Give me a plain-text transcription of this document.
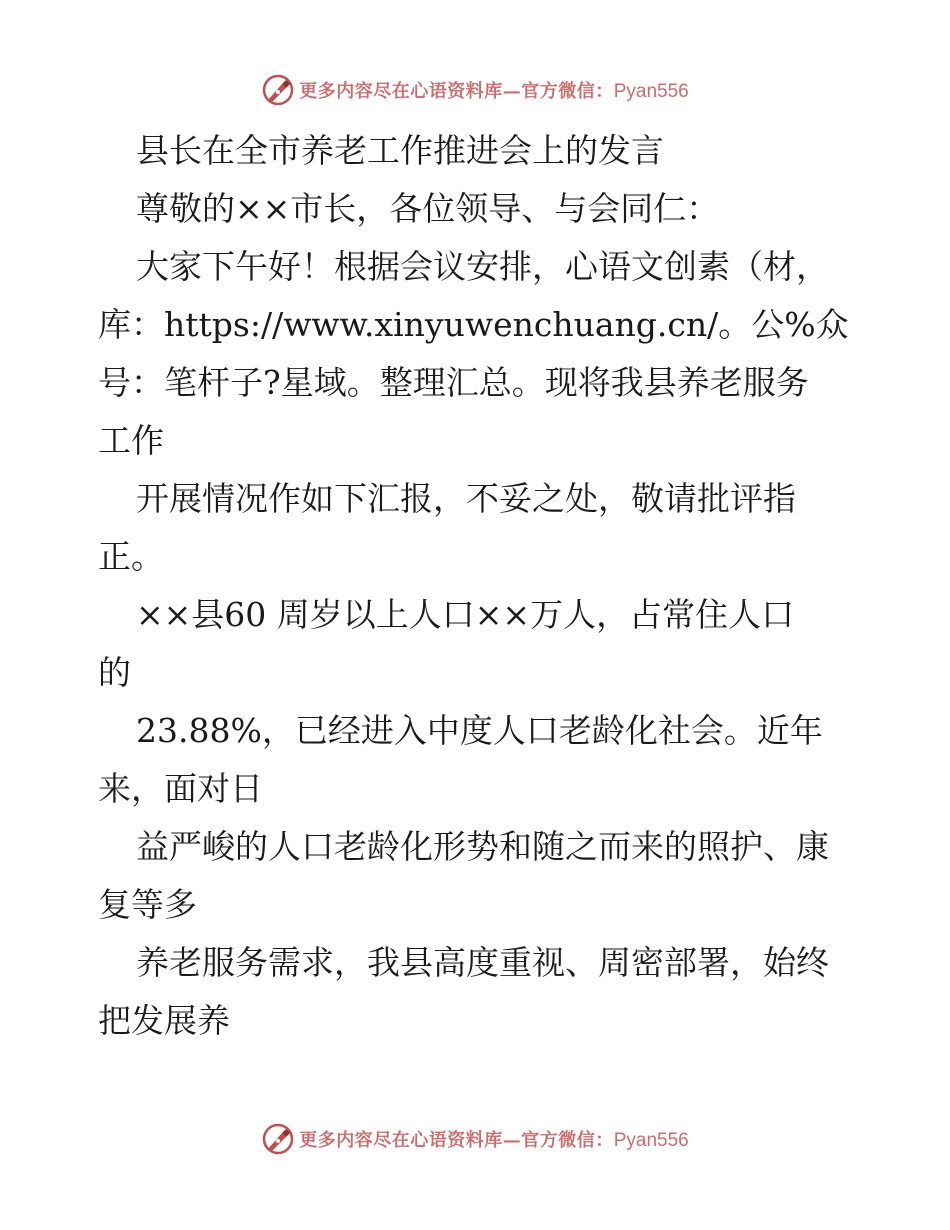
更多内容尽在心语资料库—官方微信：Pyan556
县长在全市养老工作推进会上的发言
尊敬的××市长，各位领导、与会同仁：
大家下午好！根据会议安排，心语文创素（材，
库：https://www.xinyuwenchuang.cn/。公%众
号：笔杆子?星域。整理汇总。现将我县养老服务
工作
开展情况作如下汇报，不妥之处，敬请批评指
正。
××县60 周岁以上人口××万人，占常住人口
的
23.88%，已经进入中度人口老龄化社会。近年
来，面对日
益严峻的人口老龄化形势和随之而来的照护、康
复等多
养老服务需求，我县高度重视、周密部署，始终
把发展养
更多内容尽在心语资料库—官方微信：Pyan556
